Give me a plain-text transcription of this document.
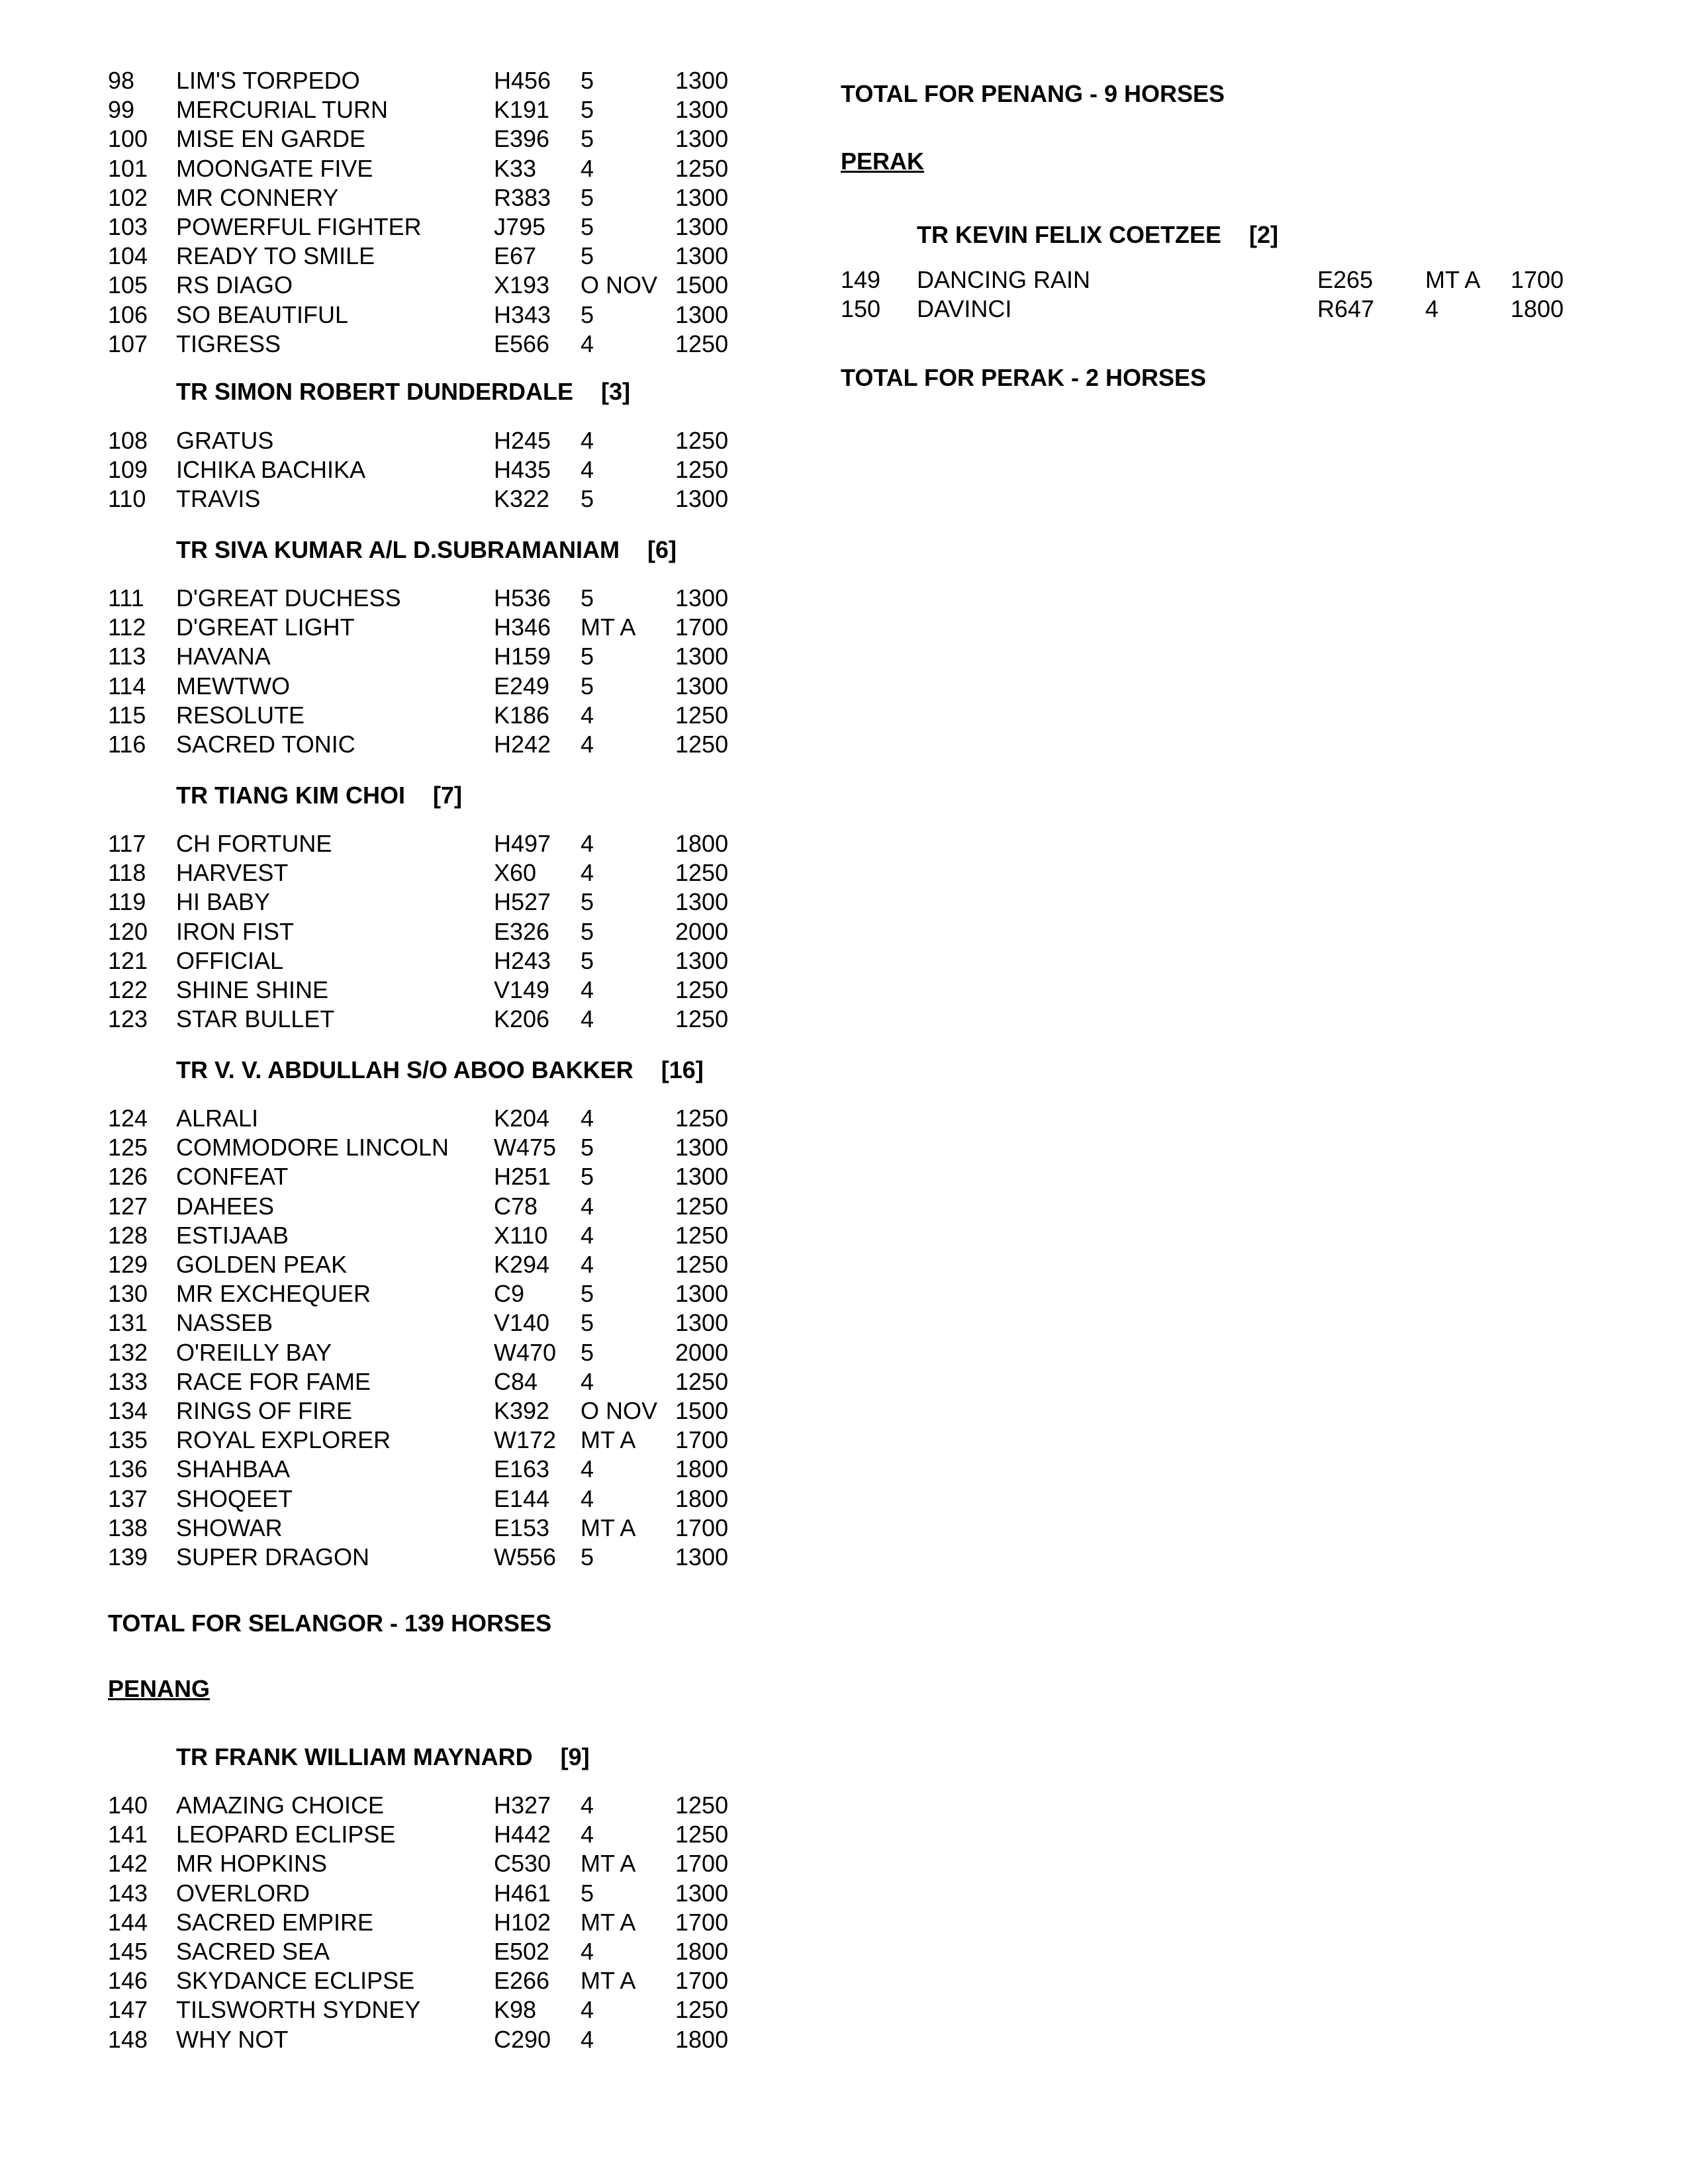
98 LIM'S TORPEDO	H456 5	1300
99 MERCURIAL TURN	K191 5	1300
100 MISE EN GARDE	E396 5	1300
101 MOONGATE FIVE	K33 4	1250
102 MR CONNERY	R383 5	1300
103 POWERFUL FIGHTER	J795 5	1300
104 READY TO SMILE	E67 5	1300
105 RS DIAGO	X193 O NOV 1500
106 SO BEAUTIFUL	H343 5	1300
107 TIGRESS	E566 4	1250
TR SIMON ROBERT DUNDERDALE [3]
108 GRATUS	H245 4	1250
109 ICHIKA BACHIKA	H435 4	1250
110 TRAVIS	K322 5	1300
TR SIVA KUMAR A/L D.SUBRAMANIAM [6]
111 D'GREAT DUCHESS	H536 5	1300
112 D'GREAT LIGHT	H346 MT A 1700
113 HAVANA	H159 5	1300
114 MEWTWO	E249 5	1300
115 RESOLUTE	K186 4	1250
116 SACRED TONIC	H242 4	1250
TR TIANG KIM CHOI [7]
117 CH FORTUNE	H497 4	1800
118 HARVEST	X60 4	1250
119 HI BABY	H527 5	1300
120 IRON FIST	E326 5	2000
121 OFFICIAL	H243 5	1300
122 SHINE SHINE	V149 4	1250
123 STAR BULLET	K206 4	1250
TR V. V. ABDULLAH S/O ABOO BAKKER [16]
124 ALRALI	K204 4	1250
125 COMMODORE LINCOLN W475 5	1300
126 CONFEAT	H251 5	1300
127 DAHEES	C78 4	1250
128 ESTIJAAB	X110 4	1250
129 GOLDEN PEAK	K294 4	1250
130 MR EXCHEQUER	C9 5	1300
131 NASSEB	V140 5	1300
132 O'REILLY BAY	W470 5	2000
133 RACE FOR FAME	C84 4	1250
134 RINGS OF FIRE	K392 O NOV 1500
135 ROYAL EXPLORER	W172 MT A 1700
136 SHAHBAA	E163 4	1800
137 SHOQEET	E144 4	1800
138 SHOWAR	E153 MT A 1700
139 SUPER DRAGON	W556 5	1300
TOTAL FOR SELANGOR - 139 HORSES
PENANG
TR FRANK WILLIAM MAYNARD [9]
140 AMAZING CHOICE	H327 4	1250
141 LEOPARD ECLIPSE	H442 4	1250
142 MR HOPKINS	C530 MT A 1700
143 OVERLORD	H461 5	1300
144 SACRED EMPIRE	H102 MT A 1700
145 SACRED SEA	E502 4	1800
146 SKYDANCE ECLIPSE	E266 MT A 1700
147 TILSWORTH SYDNEY	K98 4	1250
148 WHY NOT	C290 4	1800
TOTAL FOR PENANG - 9 HORSES
PERAK
TR KEVIN FELIX COETZEE [2]
149 DANCING RAIN	E265 MT A 1700
150 DAVINCI	R647 4	1800
TOTAL FOR PERAK - 2 HORSES
